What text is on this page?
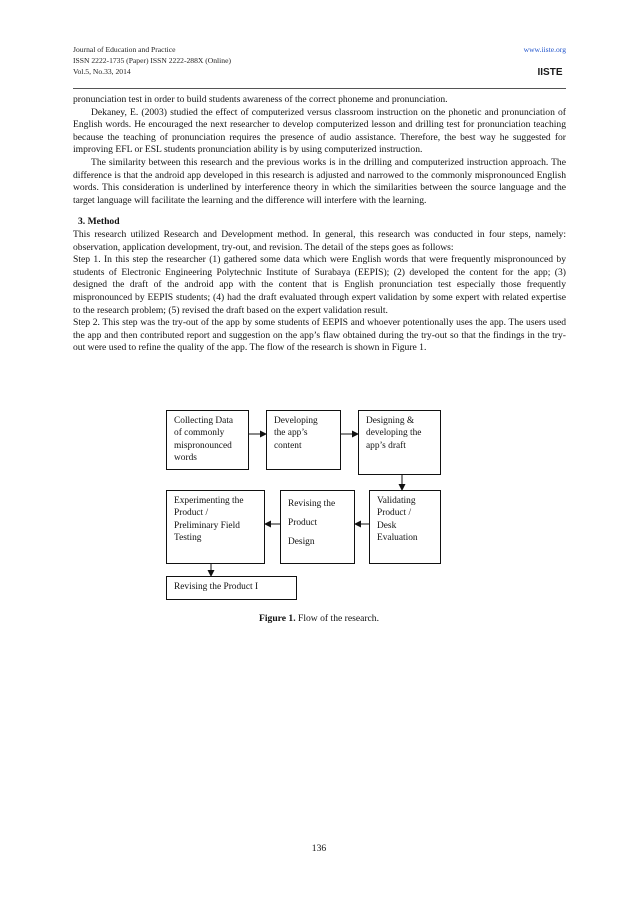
Journal of Education and Practice
ISSN 2222-1735 (Paper) ISSN 2222-288X (Online)
Vol.5, No.33, 2014
www.iiste.org
IISTE

pronunciation test in order to build students awareness of the correct phoneme and pronunciation.

Dekaney, E. (2003) studied the effect of computerized versus classroom instruction on the phonetic and pronunciation of English words. He encouraged the next researcher to develop computerized lesson and drilling test for pronunciation teaching because the teaching of pronunciation requires the presence of audio assistance. Therefore, the best way he suggested for improving EFL or ESL students pronunciation ability is by using computerized instruction.

The similarity between this research and the previous works is in the drilling and computerized instruction approach. The difference is that the android app developed in this research is adjusted and narrowed to the commonly mispronounced English words. This consideration is underlined by interference theory in which the similarities between the source language and the target language will facilitate the learning and the difference will interfere with the learning.

3. Method

This research utilized Research and Development method. In general, this research was conducted in four steps, namely: observation, application development, try-out, and revision. The detail of the steps goes as follows:

Step 1. In this step the researcher (1) gathered some data which were English words that were frequently mispronounced by students of Electronic Engineering Polytechnic Institute of Surabaya (EEPIS); (2) developed the content for the app; (3) designed the draft of the android app with the content that is English pronunciation test especially those frequently mispronounced by EEPIS students; (4) had the draft evaluated through expert validation by some expert with related expertise to the research problem; (5) revised the draft based on the expert validation result.

Step 2. This step was the try-out of the app by some students of EEPIS and whoever potentionally uses the app. The users used the app and then contributed report and suggestion on the app’s flaw obtained during the try-out so that the findings in the try-out were used to refine the quality of the app. The flow of the research is shown in Figure 1.

Collecting Data
of commonly
mispronounced
words
Developing
the app’s
content
Designing &
developing the
app’s draft
Experimenting the
Product /
Preliminary Field
Testing
Revising the
Product
Design
Validating
Product /
Desk
Evaluation
Revising the Product I
Figure 1. Flow of the research.
136
